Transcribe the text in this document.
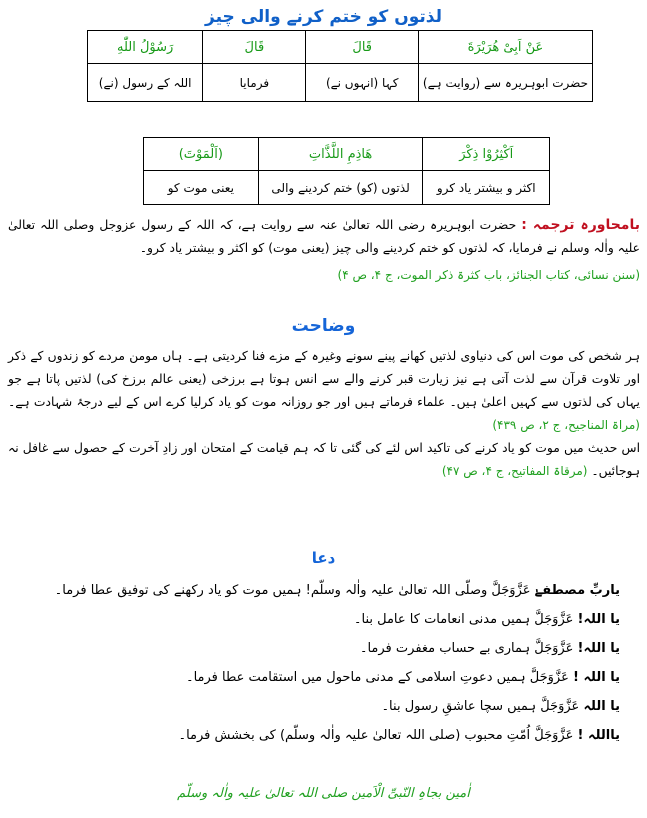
لذتوں کو ختم کرنے والی چیز
عَنْ اَبِیْ هُرَیْرَةَ	قَالَ	قَالَ	رَسُوْلُ اللّٰهِ
حضرت ابوہریرہ سے (روایت ہے)	کہا (انہوں نے)	فرمایا	اللہ کے رسول (نے)
اَکْثِرُوْا ذِکْرَ	هَاذِمِ اللَّذَّاتِ	(اَلْمَوْتَ)
اکثر و بیشتر یاد کرو	لذتوں (کو) ختم کردینے والی	یعنی موت کو
بامحاورہ ترجمہ : حضرت ابوہریرہ رضی اللہ تعالیٰ عنہ سے روایت ہے، کہ اللہ کے رسول عزوجل وصلی اللہ تعالیٰ علیہ واٰلہ وسلم نے فرمایا، کہ لذتوں کو ختم کردینے والی چیز (یعنی موت) کو اکثر و بیشتر یاد کرو۔
(سنن نسائی، کتاب الجنائز، باب کثرۃ ذکر الموت، ج ۴، ص ۴)
وضاحت
ہر شخص کی موت اس کی دنیاوی لذتیں کھانے پینے سونے وغیرہ کے مزے فنا کردیتی ہے۔ ہاں مومن مردے کو زندوں کے ذکر اور تلاوت قرآن سے لذت آتی ہے نیز زیارت قبر کرنے والے سے انس ہوتا ہے برزخی (یعنی عالم برزخ کی) لذتیں پاتا ہے جو یہاں کی لذتوں سے کہیں اعلیٰ ہیں۔ علماء فرماتے ہیں اور جو روزانہ موت کو یاد کرلیا کرے اس کے لیے درجۂ شہادت ہے۔ (مراۃ المناجیح، ج ۲، ص ۴۳۹)
اس حدیث میں موت کو یاد کرنے کی تاکید اس لئے کی گئی تا کہ ہم قیامت کے امتحان اور زادِ آخرت کے حصول سے غافل نہ ہوجائیں۔ (مرقاۃ المفاتیح، ج ۴، ص ۴۷)
دعا
یاربِّ مصطفےٰ عَزَّوَجَلَّ وصلّی اللہ تعالیٰ علیہ واٰلہ وسلّم! ہمیں موت کو یاد رکھنے کی توفیق عطا فرما۔
یا اللہ! عَزَّوَجَلَّ ہمیں مدنی انعامات کا عامل بنا۔
یا اللہ! عَزَّوَجَلَّ ہماری بے حساب مغفرت فرما۔
یا اللہ ! عَزَّوَجَلَّ ہمیں دعوتِ اسلامی کے مدنی ماحول میں استقامت عطا فرما۔
یا اللہ عَزَّوَجَلَّ ہمیں سچا عاشقِ رسول بنا۔
یااللہ ! عَزَّوَجَلَّ اُمّتِ محبوب (صلی اللہ تعالیٰ علیہ واٰلہ وسلّم) کی بخشش فرما۔
اٰمین بجاہِ النّبیِّ الْاَمین صلی اللہ تعالیٰ علیہ واٰلہ وسلّم
